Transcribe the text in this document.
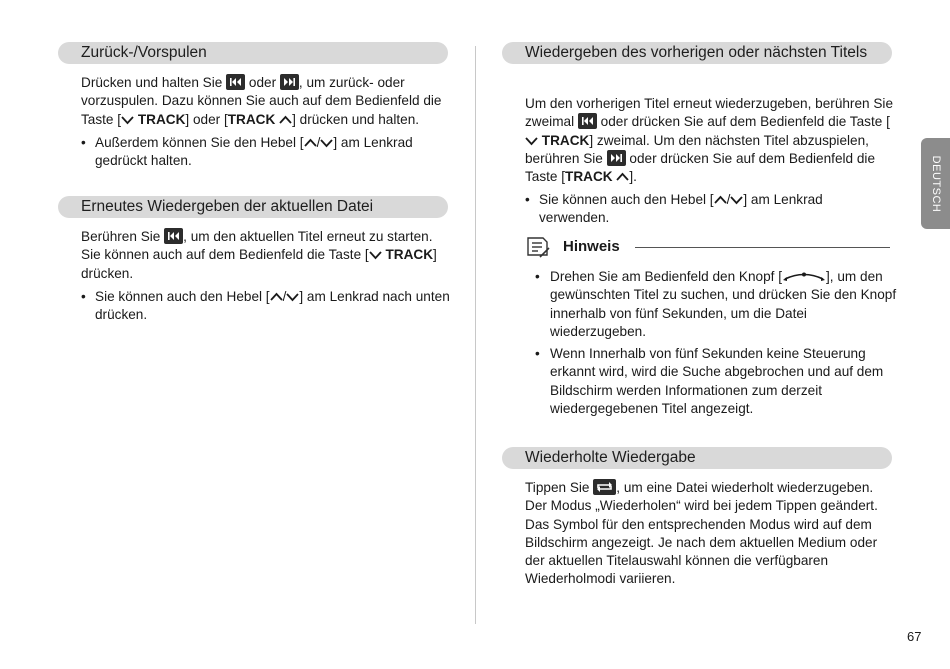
Zurück-/Vorspulen

Drücken und halten Sie oder , um zurück- oder vorzuspulen. Dazu können Sie auch auf dem Bedienfeld die Taste [ TRACK] oder [TRACK ] drücken und halten.

• Außerdem können Sie den Hebel [ / ] am Lenkrad gedrückt halten.
Erneutes Wiedergeben der aktuellen Datei

Berühren Sie , um den aktuellen Titel erneut zu starten. Sie können auch auf dem Bedienfeld die Taste [ TRACK] drücken.

• Sie können auch den Hebel [ / ] am Lenkrad nach unten drücken.
Wiedergeben des vorherigen oder nächsten Titels

Um den vorherigen Titel erneut wiederzugeben, berühren Sie zweimal oder drücken Sie auf dem Bedienfeld die Taste [ TRACK] zweimal. Um den nächsten Titel abzuspielen, berühren Sie oder drücken Sie auf dem Bedienfeld die Taste [TRACK ].

• Sie können auch den Hebel [ / ] am Lenkrad verwenden.
Hinweis
• Drehen Sie am Bedienfeld den Knopf [	], um den gewünschten Titel zu suchen, und drücken Sie den Knopf innerhalb von fünf Sekunden, um die Datei wiederzugeben.
• Wenn Innerhalb von fünf Sekunden keine Steuerung erkannt wird, wird die Suche abgebrochen und auf dem Bildschirm werden Informationen zum derzeit wiedergegebenen Titel angezeigt.
Wiederholte Wiedergabe

Tippen Sie , um eine Datei wiederholt wiederzugeben. Der Modus „Wiederholen“ wird bei jedem Tippen geändert. Das Symbol für den entsprechenden Modus wird auf dem Bildschirm angezeigt. Je nach dem aktuellen Medium oder der aktuellen Titelauswahl können die verfügbaren Wiederholmodi variieren.

DEUTSCH
67
